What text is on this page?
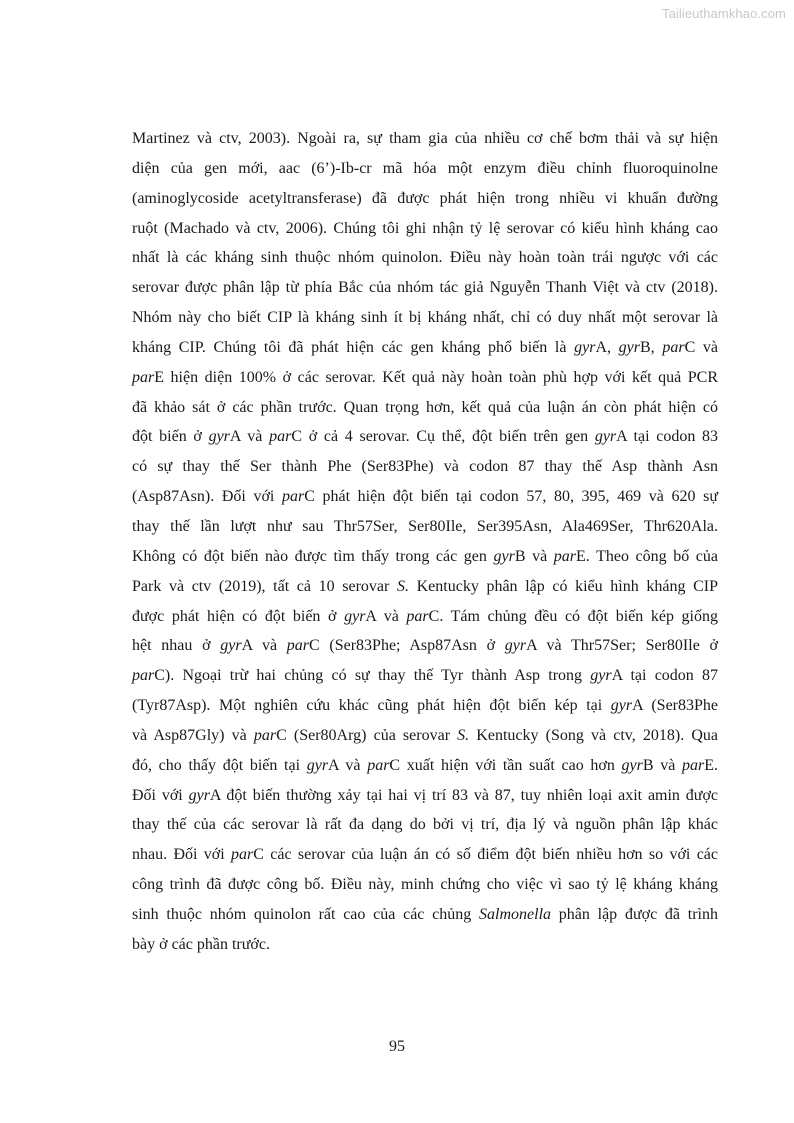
Tailieuthamkhao.com
Martinez và ctv, 2003). Ngoài ra, sự tham gia của nhiều cơ chế bơm thải và sự hiện
diện của gen mới, aac (6’)-Ib-cr mã hóa một enzym điều chỉnh fluoroquinolne
(aminoglycoside acetyltransferase) đã được phát hiện trong nhiều vi khuẩn đường
ruột (Machado và ctv, 2006). Chúng tôi ghi nhận tỷ lệ serovar có kiểu hình kháng cao
nhất là các kháng sinh thuộc nhóm quinolon. Điều này hoàn toàn trái ngược với các
serovar được phân lập từ phía Bắc của nhóm tác giả Nguyễn Thanh Việt và ctv (2018).
Nhóm này cho biết CIP là kháng sinh ít bị kháng nhất, chỉ có duy nhất một serovar là
kháng CIP. Chúng tôi đã phát hiện các gen kháng phổ biến là gyrA, gyrB, parC và
parE hiện diện 100% ở các serovar. Kết quả này hoàn toàn phù hợp với kết quả PCR
đã khảo sát ở các phần trước. Quan trọng hơn, kết quả của luận án còn phát hiện có
đột biến ở gyrA và parC ở cả 4 serovar. Cụ thể, đột biến trên gen gyrA tại codon 83
có sự thay thế Ser thành Phe (Ser83Phe) và codon 87 thay thế Asp thành Asn
(Asp87Asn). Đối với parC phát hiện đột biến tại codon 57, 80, 395, 469 và 620 sự
thay thế lần lượt như sau Thr57Ser, Ser80Ile, Ser395Asn, Ala469Ser, Thr620Ala.
Không có đột biến nào được tìm thấy trong các gen gyrB và parE. Theo công bố của
Park và ctv (2019), tất cả 10 serovar S. Kentucky phân lập có kiểu hình kháng CIP
được phát hiện có đột biến ở gyrA và parC. Tám chủng đều có đột biến kép giống
hệt nhau ở gyrA và parC (Ser83Phe; Asp87Asn ở gyrA và Thr57Ser; Ser80Ile ở
parC). Ngoại trừ hai chủng có sự thay thế Tyr thành Asp trong gyrA tại codon 87
(Tyr87Asp). Một nghiên cứu khác cũng phát hiện đột biến kép tại gyrA (Ser83Phe
và Asp87Gly) và parC (Ser80Arg) của serovar S. Kentucky (Song và ctv, 2018). Qua
đó, cho thấy đột biến tại gyrA và parC xuất hiện với tần suất cao hơn gyrB và parE.
Đối với gyrA đột biến thường xảy tại hai vị trí 83 và 87, tuy nhiên loại axit amin được
thay thế của các serovar là rất đa dạng do bởi vị trí, địa lý và nguồn phân lập khác
nhau. Đối với parC các serovar của luận án có số điểm đột biến nhiều hơn so với các
công trình đã được công bố. Điều này, minh chứng cho việc vì sao tỷ lệ kháng kháng
sinh thuộc nhóm quinolon rất cao của các chủng Salmonella phân lập được đã trình
bày ở các phần trước.
95
